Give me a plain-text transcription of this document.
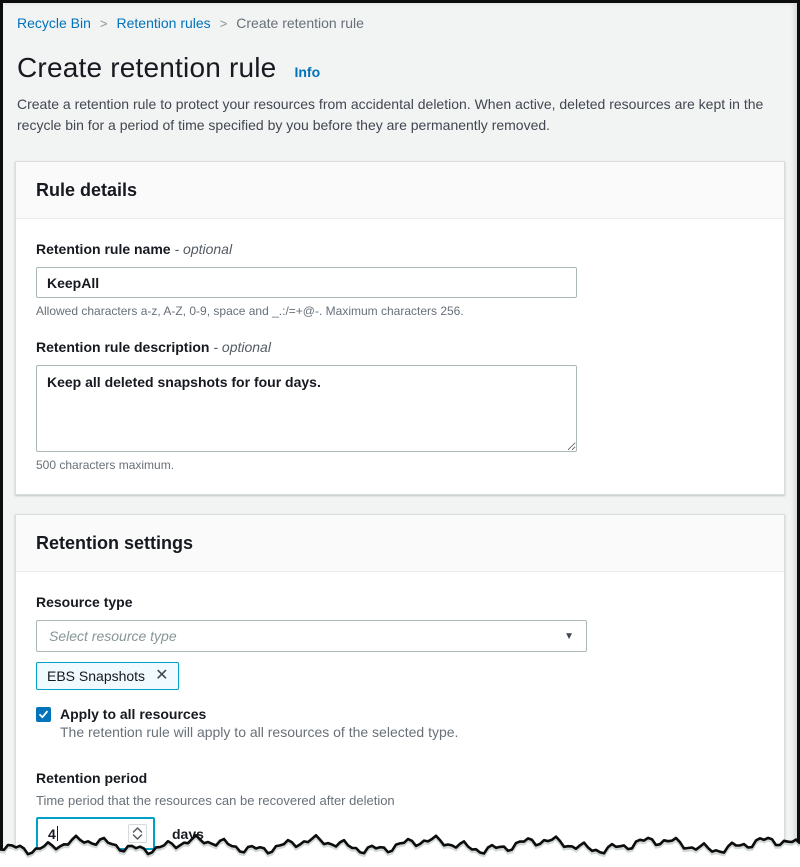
Recycle Bin > Retention rules > Create retention rule
Create retention rule Info

Create a retention rule to protect your resources from accidental deletion. When active, deleted resources are kept in the recycle bin for a period of time specified by you before they are permanently removed.

Rule details
Retention rule name - optional
KeepAll
Allowed characters a-z, A-Z, 0-9, space and _.:/=+@-. Maximum characters 256.
Retention rule description - optional
Keep all deleted snapshots for four days.
500 characters maximum.
Retention settings
Resource type
Select resource type	▼
EBS Snapshots ✕
Apply to all resources
The retention rule will apply to all resources of the selected type.
Retention period
Time period that the resources can be recovered after deletion
4	days
